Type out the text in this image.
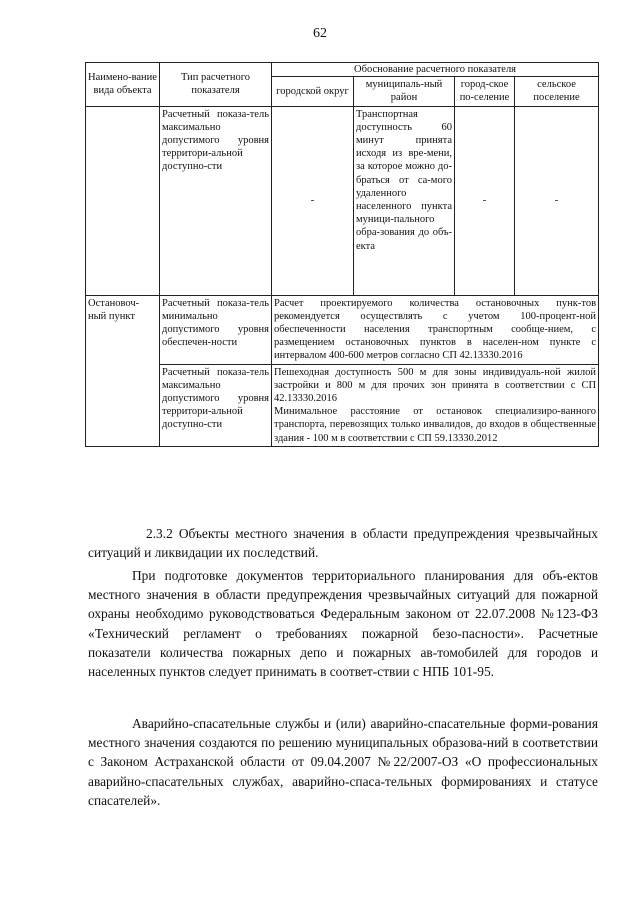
62
Наимено-вание вида объекта	Тип расчетного показателя	Обоснование расчетного показателя			
		городской округ	муниципаль-ный район	город-ское по-селение	сельское поселение
	Расчетный показа-тель максимально допустимого уровня территори-альной доступно-сти	-	Транспортная доступность 60 минут принята исходя из вре-мени, за которое можно до-браться от са-мого удаленного населенного пункта муници-пального обра-зования до объ-екта	-	-
Остановоч-ный пункт	Расчетный показа-тель минимально допустимого уровня обеспечен-ности	Расчет проектируемого количества остановочных пунк-тов рекомендуется осуществлять с учетом 100-процент-ной обеспеченности населения транспортным сообще-нием, с размещением остановочных пунктов в населен-ном пункте с интервалом 400-600 метров согласно СП 42.13330.2016			
	Расчетный показа-тель максимально допустимого уровня территори-альной доступно-сти	Пешеходная доступность 500 м для зоны индивидуаль-ной жилой застройки и 800 м для прочих зон принята в соответствии с СП 42.13330.2016
Минимальное расстояние от остановок специализиро-ванного транспорта, перевозящих только инвалидов, до входов в общественные здания - 100 м в соответствии с СП 59.13330.2012			
2.3.2 Объекты местного значения в области предупреждения чрезвычайных ситуаций и ликвидации их последствий.
При подготовке документов территориального планирования для объ-ектов местного значения в области предупреждения чрезвычайных ситуаций для пожарной охраны необходимо руководствоваться Федеральным законом от 22.07.2008 №123-ФЗ «Технический регламент о требованиях пожарной безо-пасности». Расчетные показатели количества пожарных депо и пожарных ав-томобилей для городов и населенных пунктов следует принимать в соответ-ствии с НПБ 101-95.
Аварийно-спасательные службы и (или) аварийно-спасательные форми-рования местного значения создаются по решению муниципальных образова-ний в соответствии с Законом Астраханской области от 09.04.2007 №22/2007-ОЗ «О профессиональных аварийно-спасательных службах, аварийно-спаса-тельных формированиях и статусе спасателей».
